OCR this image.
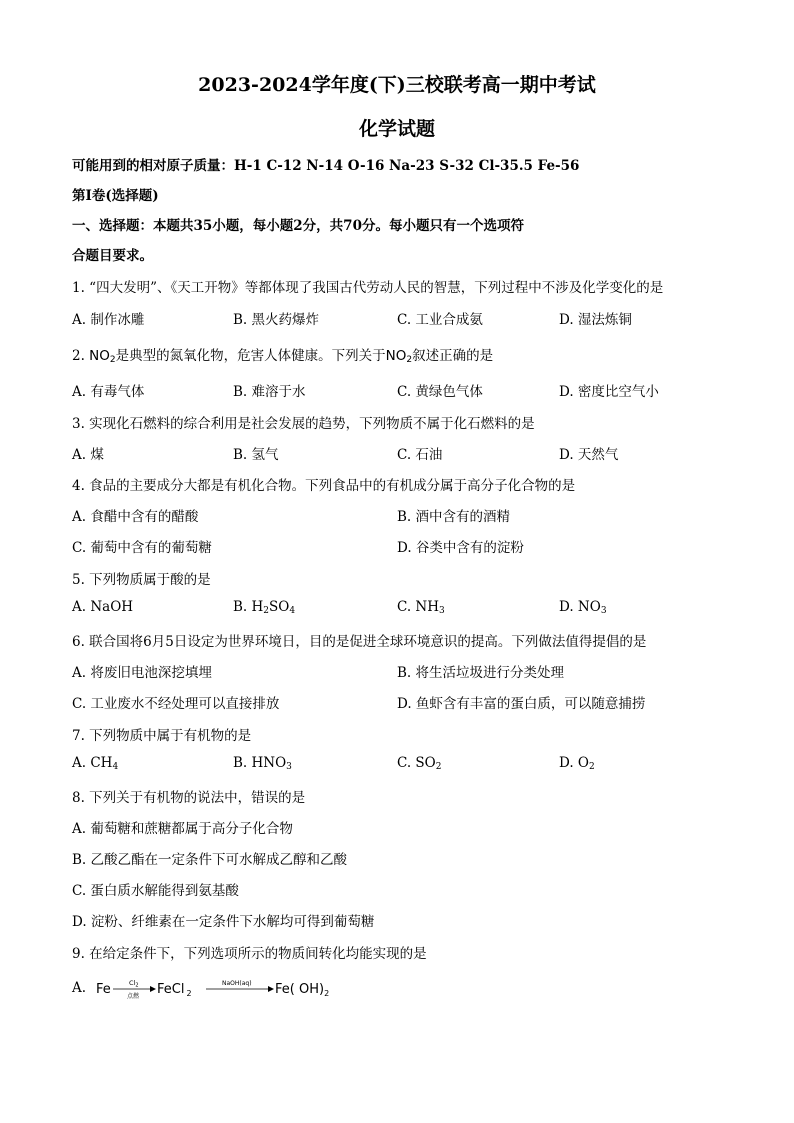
2023-2024学年度(下)三校联考高一期中考试
化学试题
可能用到的相对原子质量：H-1 C-12 N-14 O-16 Na-23 S-32 Cl-35.5 Fe-56
第I卷(选择题)
一、选择题：本题共35小题，每小题2分，共70分。每小题只有一个选项符
合题目要求。
1. “四大发明”、《天工开物》等都体现了我国古代劳动人民的智慧，下列过程中不涉及化学变化的是
A. 制作冰雕	B. 黑火药爆炸	C. 工业合成氨	D. 湿法炼铜
2. $NO_2$是典型的氮氧化物，危害人体健康。下列关于$NO_2$叙述正确的是
A. 有毒气体	B. 难溶于水	C. 黄绿色气体	D. 密度比空气小
3. 实现化石燃料的综合利用是社会发展的趋势，下列物质不属于化石燃料的是
A. 煤	B. 氢气	C. 石油	D. 天然气
4. 食品的主要成分大都是有机化合物。下列食品中的有机成分属于高分子化合物的是
A. 食醋中含有的醋酸	B. 酒中含有的酒精
C. 葡萄中含有的葡萄糖	D. 谷类中含有的淀粉
5. 下列物质属于酸的是
A. NaOH	B. $H_2SO_4$	C. $NH_3$	D. $NO_3$
6. 联合国将6月5日设定为世界环境日，目的是促进全球环境意识的提高。下列做法值得提倡的是
A. 将废旧电池深挖填埋	B. 将生活垃圾进行分类处理
C. 工业废水不经处理可以直接排放	D. 鱼虾含有丰富的蛋白质，可以随意捕捞
7. 下列物质中属于有机物的是
A. $CH_4$	B. $HNO_3$	C. $SO_2$	D. $O_2$
8. 下列关于有机物的说法中，错误的是
A. 葡萄糖和蔗糖都属于高分子化合物
B. 乙酸乙酯在一定条件下可水解成乙醇和乙酸
C. 蛋白质水解能得到氨基酸
D. 淀粉、纤维素在一定条件下水解均可得到葡萄糖
9. 在给定条件下，下列选项所示的物质间转化均能实现的是
A. Fe	$Cl_2$
点燃 FeCl $_2$
NaOH(aq) Fe( $OH)_2$
